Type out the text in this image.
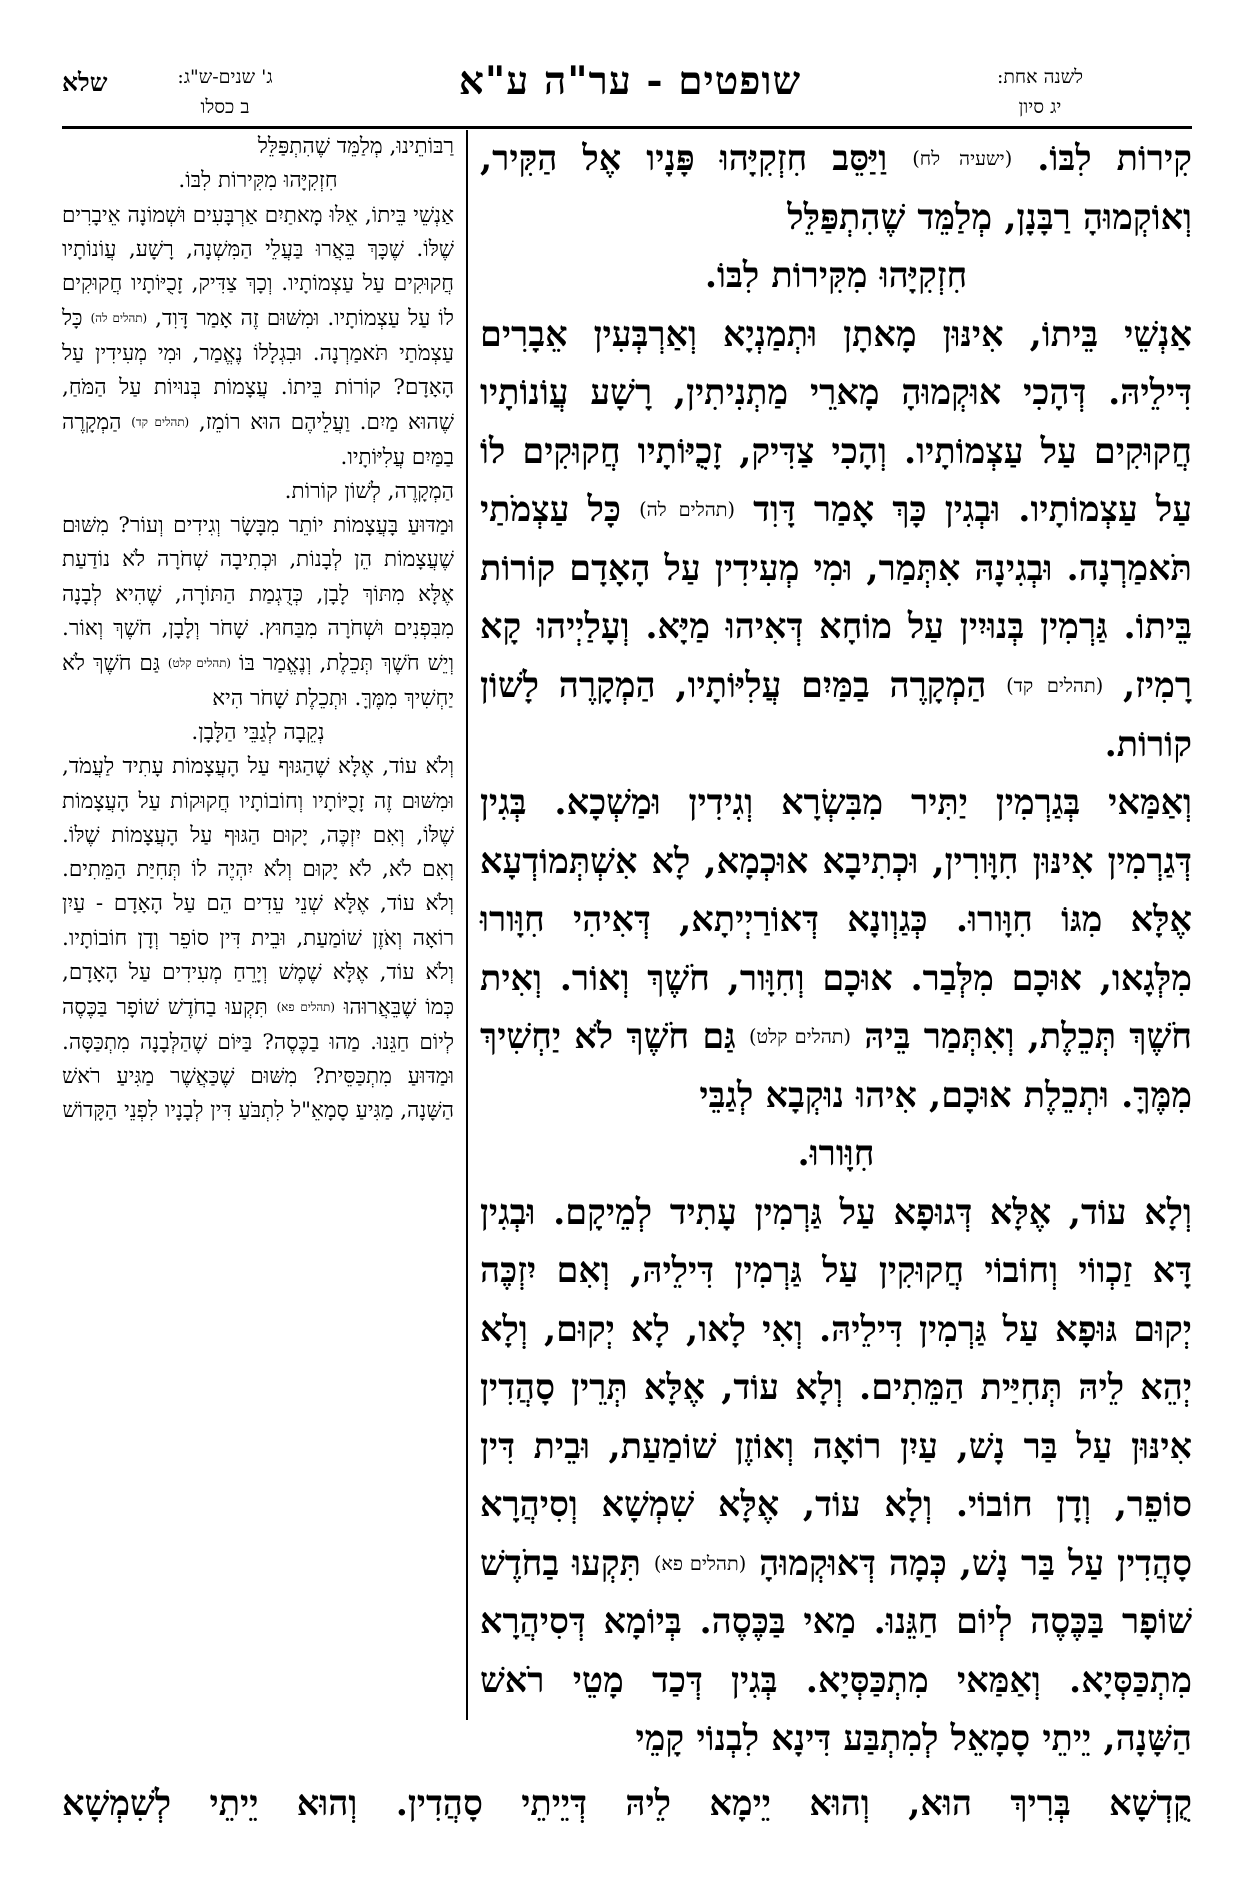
שלא	ג' שנים-ש"ג:
ב כסלו
שופטים - ער"ה ע"א	לשנה אחת:
יג סיון

קִירוֹת לִבּוֹ. (ישעיה לח) וַיַּסֵּב חִזְקִיָּהוּ פָּנָיו אֶל הַקִּיר, וְאוֹקְמוּהָ רַבָּנָן, מְלַמֵּד שֶׁהִתְפַּלֵּל

חִזְקִיָּהוּ מִקִּירוֹת לִבּוֹ.

אַנְשֵׁי בֵּיתוֹ, אִינּוּן מָאתָן וּתְמַנְיָא וְאַרְבְּעִין אֵבָרִים דִּילֵיהּ. דְּהָכִי אוּקְמוּהָ מָארֵי מַתְנִיתִין, רָשָׁע עֲוֹנוֹתָיו חֲקוּקִים עַל עַצְמוֹתָיו. וְהָכִי צַדִּיק, זָכֻיּוֹתָיו חֲקוּקִים לוֹ עַל עַצְמוֹתָיו. וּבְגִין כָּךְ אָמַר דָּוִד (תהלים לה) כָּל עַצְמֹתַי תֹּאמַרְנָה. וּבְגִינָהּ אִתְּמַר, וּמִי מְעִידִין עַל הָאָדָם קוֹרוֹת בֵּיתוֹ. גַּרְמִין בְּנוּיִין עַל מוֹחָא דְּאִיהוּ מַיָּא. וְעָלַיְיהוּ קָא רָמִיז, (תהלים קד) הַמְקָרֶה בַמַּיִם עֲלִיּוֹתָיו, הַמְקָרֶה לָשׁוֹן קוֹרוֹת.

וְאַמַּאי בְּגַרְמִין יַתִּיר מִבִּשְׂרָא וְגִידִין וּמַשְׁכָא. בְּגִין דְּגַרְמִין אִינּוּן חִוָּורִין, וּכְתִיבָא אוּכְמָא, לָא אִשְׁתְּמוֹדְעָא אֶלָּא מִגּוֹ חִוָּורוּ. כְּגַוְונָא דְּאוֹרַיְיתָא, דְּאִיהִי חִוָּורוּ מִלְּגָאו, אוּכָם מִלְּבַר. אוּכָם וְחִוָּור, חֹשֶׁךְ וְאוֹר. וְאִית חֹשֶׁךְ תְּכֵלֶת, וְאִתְּמַר בֵּיהּ (תהלים קלט) גַּם חֹשֶׁךְ לֹא יַחְשִׁיךְ מִמֶּךָּ. וּתְכֵלֶת אוּכָם, אִיהוּ נוּקְבָא לְגַבֵּי

חִוָּורוּ.

וְלָא עוֹד, אֶלָּא דְּגוּפָא עַל גַּרְמִין עָתִיד לְמֵיקָם. וּבְגִין דָּא זַכְווֹי וְחוֹבוֹי חֲקוּקִין עַל גַּרְמִין דִּילֵיהּ, וְאִם יִזְכֶּה יְקוּם גּוּפָא עַל גַּרְמִין דִּילֵיהּ. וְאִי לָאו, לָא יְקוּם, וְלָא יְהֵא לֵיהּ תְּחִיַּית הַמֵּתִים. וְלָא עוֹד, אֶלָּא תְּרֵין סָהֲדִין אִינּוּן עַל בַּר נָשׁ, עַיִן רוֹאָה וְאוֹזֶן שׁוֹמַעַת, וּבֵית דִּין סוֹפֵר, וְדָן חוֹבוֹי. וְלָא עוֹד, אֶלָּא שִׁמְשָׁא וְסִיהֲרָא סָהֲדִין עַל בַּר נָשׁ, כְּמָה דְּאוּקְמוּהָ (תהלים פא) תִּקְעוּ בַחֹדֶשׁ שׁוֹפָר בַּכֶּסֶה לְיוֹם חַגֵּנוּ. מַאי בַּכֶּסֶה. בְּיוֹמָא דְּסִיהֲרָא מִתְכַּסְּיָא. וְאַמַּאי מִתְכַּסְּיָא. בְּגִין דְּכַד מָטֵי רֹאשׁ הַשָּׁנָה, יֵיתֵי סָמָאֵל לְמִתְבַּע דִּינָא לִבְנוֹי קָמֵי

רַבּוֹתֵינוּ, מְלַמֵּד שֶׁהִתְפַּלֵּל

חִזְקִיָּהוּ מִקִּירוֹת לִבּוֹ.

אַנְשֵׁי בֵּיתוֹ, אֵלּוּ מָאתַיִם אַרְבָּעִים וּשְׁמוֹנָה אֵיבָרִים שֶׁלּוֹ. שֶׁכָּךְ בֵּאֲרוּ בַּעֲלֵי הַמִּשְׁנָה, רָשָׁע, עֲוֹנוֹתָיו חֲקוּקִים עַל עַצְמוֹתָיו. וְכָךְ צַדִּיק, זָכֻיּוֹתָיו חֲקוּקִים לוֹ עַל עַצְמוֹתָיו. וּמִשּׁוּם זֶה אָמַר דָּוִד, (תהלים לה) כָּל עַצְמֹתַי תֹּאמַרְנָה. וּבִגְלָלוֹ נֶאֱמַר, וּמִי מְעִידִין עַל הָאָדָם? קוֹרוֹת בֵּיתוֹ. עֲצָמוֹת בְּנוּיוֹת עַל הַמֹּחַ, שֶׁהוּא מַיִם. וַעֲלֵיהֶם הוּא רוֹמֵז, (תהלים קד) הַמְקָרֶה בַמַּיִם עֲלִיּוֹתָיו.

הַמְקָרֶה, לְשׁוֹן קוֹרוֹת.

וּמַדּוּעַ בָּעֲצָמוֹת יוֹתֵר מִבָּשָׂר וְגִידִים וְעוֹר? מִשּׁוּם שֶׁעֲצָמוֹת הֵן לְבָנוֹת, וּכְתִיבָה שְׁחֹרָה לֹא נוֹדַעַת אֶלָּא מִתּוֹךְ לָבָן, כְּדֻגְמַת הַתּוֹרָה, שֶׁהִיא לְבָנָה מִבִּפְנִים וּשְׁחֹרָה מִבַּחוּץ. שָׁחֹר וְלָבָן, חֹשֶׁךְ וְאוֹר. וְיֵשׁ חֹשֶׁךְ תְּכֵלֶת, וְנֶאֱמַר בּוֹ (תהלים קלט) גַּם חֹשֶׁךְ לֹא יַחְשִׁיךְ מִמֶּךָּ. וּתְכֵלֶת שָׁחֹר הִיא

נְקֵבָה לְגַבֵּי הַלָּבָן.

וְלֹא עוֹד, אֶלָּא שֶׁהַגּוּף עַל הָעֲצָמוֹת עָתִיד לַעֲמֹד, וּמִשּׁוּם זֶה זָכֻיּוֹתָיו וְחוֹבוֹתָיו חֲקוּקוֹת עַל הָעֲצָמוֹת שֶׁלּוֹ, וְאִם יִזְכֶּה, יָקוּם הַגּוּף עַל הָעֲצָמוֹת שֶׁלּוֹ. וְאִם לֹא, לֹא יָקוּם וְלֹא יִהְיֶה לוֹ תְּחִיַּת הַמֵּתִים. וְלֹא עוֹד, אֶלָּא שְׁנֵי עֵדִים הֵם עַל הָאָדָם - עַיִן רוֹאָה וְאֹזֶן שׁוֹמַעַת, וּבֵית דִּין סוֹפֵר וְדָן חוֹבוֹתָיו. וְלֹא עוֹד, אֶלָּא שֶׁמֶשׁ וְיָרֵחַ מְעִידִים עַל הָאָדָם, כְּמוֹ שֶׁבֵּאֲרוּהוּ (תהלים פא) תִּקְעוּ בַחֹדֶשׁ שׁוֹפָר בַּכֶּסֶה לְיוֹם חַגֵּנוּ. מַהוּ בַכֶּסֶה? בַּיּוֹם שֶׁהַלְּבָנָה מִתְכַּסָּה. וּמַדּוּעַ מִתְכַּסֵּית? מִשּׁוּם שֶׁכַּאֲשֶׁר מַגִּיעַ רֹאשׁ הַשָּׁנָה, מַגִּיעַ סָמָאֵ"ל לִתְבֹּעַ דִּין לְבָנָיו לִפְנֵי הַקָּדוֹשׁ

קֻדְשָׁא בְּרִיךְ הוּא, וְהוּא יֵימָא לֵיהּ דְּיֵיתֵי סָהֲדִין. וְהוּא יֵיתֵי לְשִׁמְשָׁא
